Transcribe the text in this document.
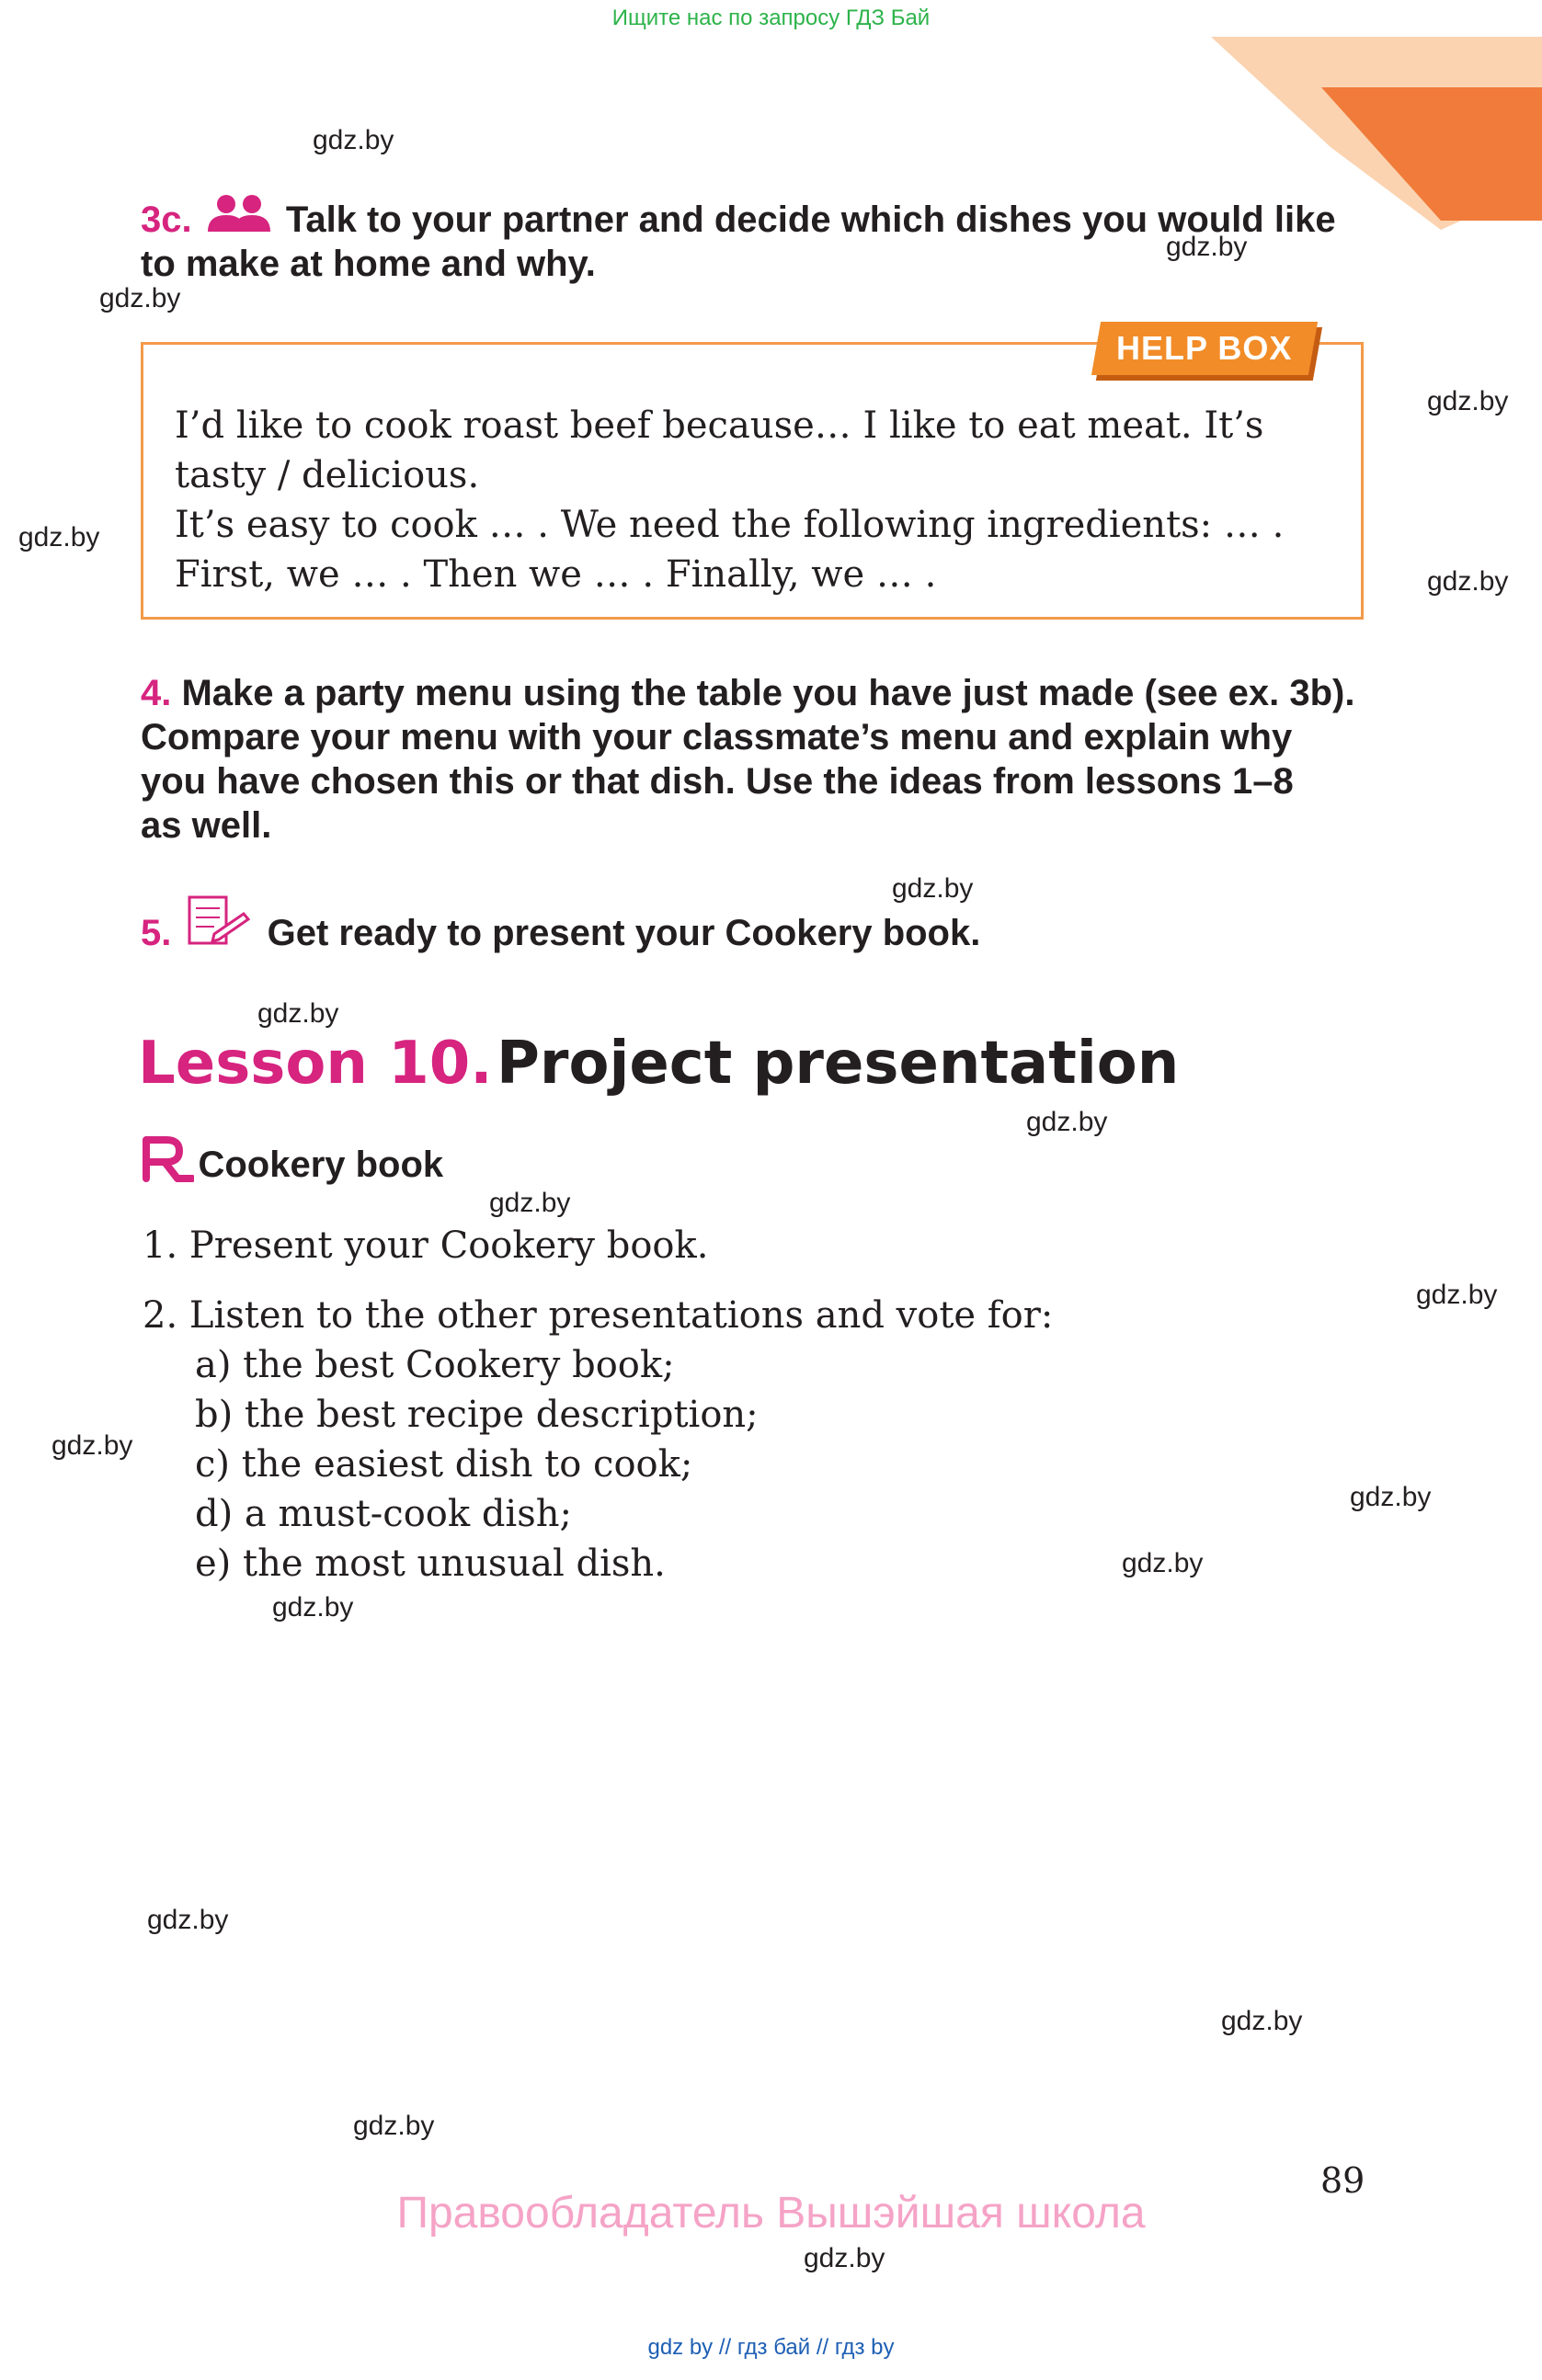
Ищите нас по запросу ГДЗ Бай
gdz.by
gdz.by
gdz.by
gdz.by
gdz.by
gdz.by
gdz.by
gdz.by
gdz.by
gdz.by
gdz.by
gdz.by
gdz.by
gdz.by
gdz.by
gdz.by
gdz.by
gdz.by
gdz.by
3c.	Talk to your partner and decide which dishes you would like
to make at home and why.
HELP BOX
I’d like to cook roast beef because… I like to eat meat. It’s
tasty / delicious.
It’s easy to cook … . We need the following ingredients: … .
First, we … . Then we … . Finally, we … .
4. Make a party menu using the table you have just made (see ex. 3b).
Compare your menu with your classmate’s menu and explain why
you have chosen this or that dish. Use the ideas from lessons 1–8
as well.
5.	Get ready to present your Cookery book.
Lesson 10. Project presentation
Cookery book
1. Present your Cookery book.
2. Listen to the other presentations and vote for:
a) the best Cookery book;
b) the best recipe description;
c) the easiest dish to cook;
d) a must-cook dish;
e) the most unusual dish.
89
Правообладатель Вышэйшая школа
gdz by // гдз бай // гдз by
